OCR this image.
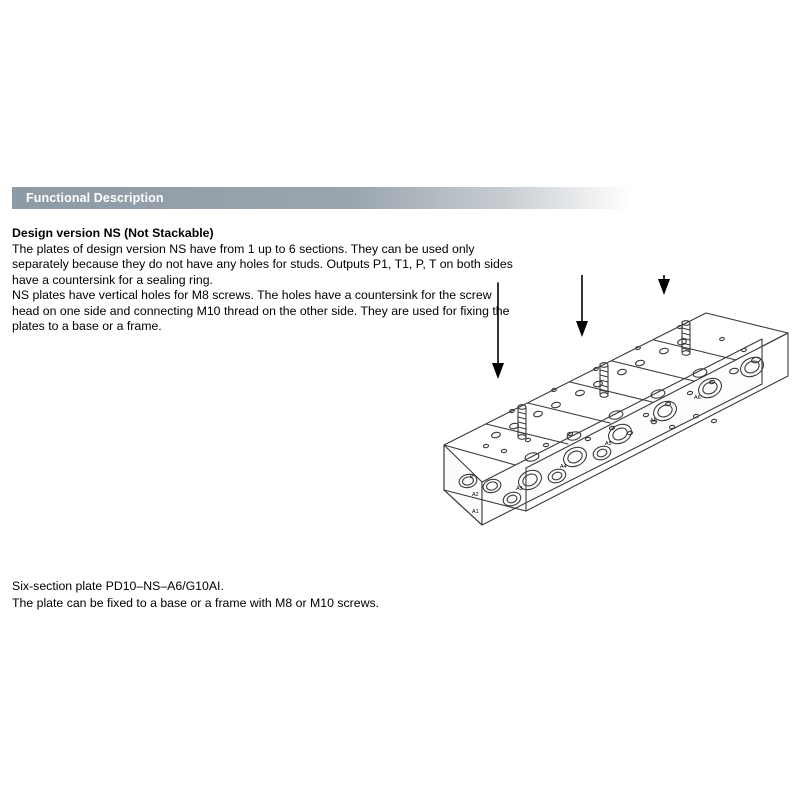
Functional Description
Design version NS (Not Stackable)

The plates of design version NS have from 1 up to 6 sections. They can be used only

separately because they do not have any holes for studs. Outputs P1, T1, P, T on both sides

have a countersink for a sealing ring.

NS plates have vertical holes for M8 screws. The holes have a countersink for the screw

head on one side and connecting M10 thread on the other side. They are used for fixing the

plates to a base or a frame.

A1
A2
P
A3
A4
A5
A6
A6

Six-section plate PD10–NS–A6/G10AI.

The plate can be fixed to a base or a frame with M8 or M10 screws.
